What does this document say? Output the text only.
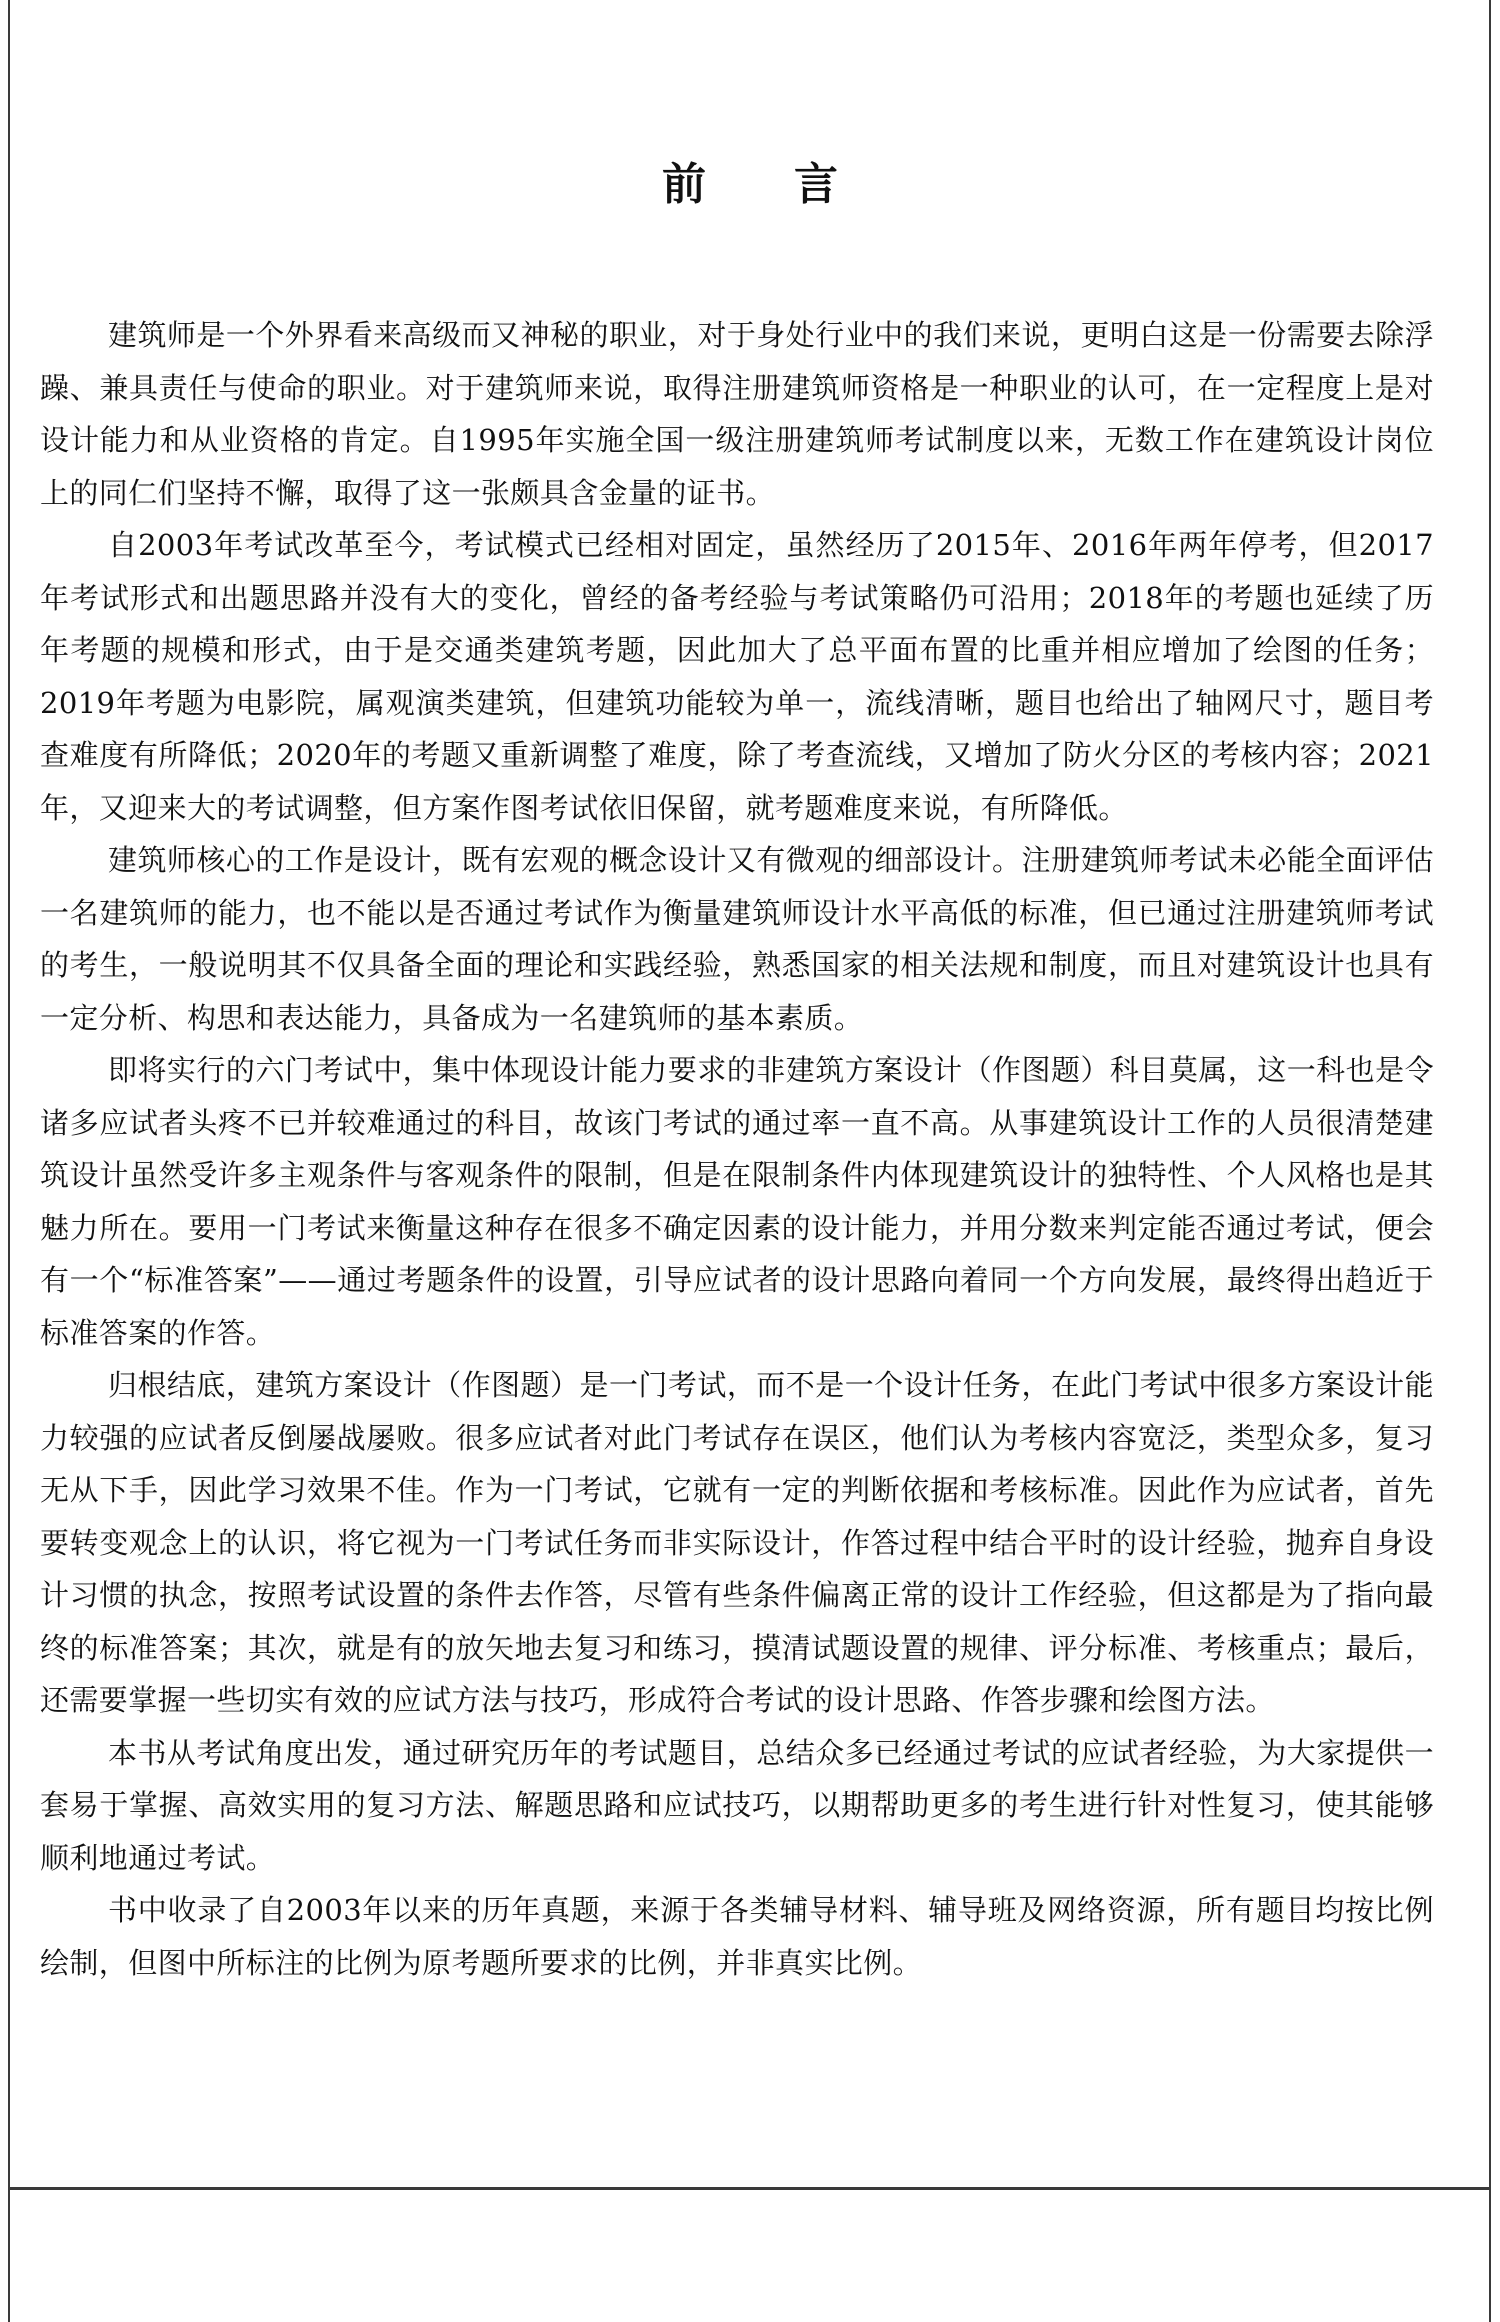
前言

建筑师是一个外界看来高级而又神秘的职业，对于身处行业中的我们来说，更明白这是一份需要去除浮躁、兼具责任与使命的职业。对于建筑师来说，取得注册建筑师资格是一种职业的认可，在一定程度上是对设计能力和从业资格的肯定。自1995年实施全国一级注册建筑师考试制度以来，无数工作在建筑设计岗位上的同仁们坚持不懈，取得了这一张颇具含金量的证书。

自2003年考试改革至今，考试模式已经相对固定，虽然经历了2015年、2016年两年停考，但2017年考试形式和出题思路并没有大的变化，曾经的备考经验与考试策略仍可沿用；2018年的考题也延续了历年考题的规模和形式，由于是交通类建筑考题，因此加大了总平面布置的比重并相应增加了绘图的任务；2019年考题为电影院，属观演类建筑，但建筑功能较为单一，流线清晰，题目也给出了轴网尺寸，题目考查难度有所降低；2020年的考题又重新调整了难度，除了考查流线，又增加了防火分区的考核内容；2021年，又迎来大的考试调整，但方案作图考试依旧保留，就考题难度来说，有所降低。

建筑师核心的工作是设计，既有宏观的概念设计又有微观的细部设计。注册建筑师考试未必能全面评估一名建筑师的能力，也不能以是否通过考试作为衡量建筑师设计水平高低的标准，但已通过注册建筑师考试的考生，一般说明其不仅具备全面的理论和实践经验，熟悉国家的相关法规和制度，而且对建筑设计也具有一定分析、构思和表达能力，具备成为一名建筑师的基本素质。

即将实行的六门考试中，集中体现设计能力要求的非建筑方案设计（作图题）科目莫属，这一科也是令诸多应试者头疼不已并较难通过的科目，故该门考试的通过率一直不高。从事建筑设计工作的人员很清楚建筑设计虽然受许多主观条件与客观条件的限制，但是在限制条件内体现建筑设计的独特性、个人风格也是其魅力所在。要用一门考试来衡量这种存在很多不确定因素的设计能力，并用分数来判定能否通过考试，便会有一个“标准答案”——通过考题条件的设置，引导应试者的设计思路向着同一个方向发展，最终得出趋近于标准答案的作答。

归根结底，建筑方案设计（作图题）是一门考试，而不是一个设计任务，在此门考试中很多方案设计能力较强的应试者反倒屡战屡败。很多应试者对此门考试存在误区，他们认为考核内容宽泛，类型众多，复习无从下手，因此学习效果不佳。作为一门考试，它就有一定的判断依据和考核标准。因此作为应试者，首先要转变观念上的认识，将它视为一门考试任务而非实际设计，作答过程中结合平时的设计经验，抛弃自身设计习惯的执念，按照考试设置的条件去作答，尽管有些条件偏离正常的设计工作经验，但这都是为了指向最终的标准答案；其次，就是有的放矢地去复习和练习，摸清试题设置的规律、评分标准、考核重点；最后，还需要掌握一些切实有效的应试方法与技巧，形成符合考试的设计思路、作答步骤和绘图方法。

本书从考试角度出发，通过研究历年的考试题目，总结众多已经通过考试的应试者经验，为大家提供一套易于掌握、高效实用的复习方法、解题思路和应试技巧，以期帮助更多的考生进行针对性复习，使其能够顺利地通过考试。

书中收录了自2003年以来的历年真题，来源于各类辅导材料、辅导班及网络资源，所有题目均按比例绘制，但图中所标注的比例为原考题所要求的比例，并非真实比例。
